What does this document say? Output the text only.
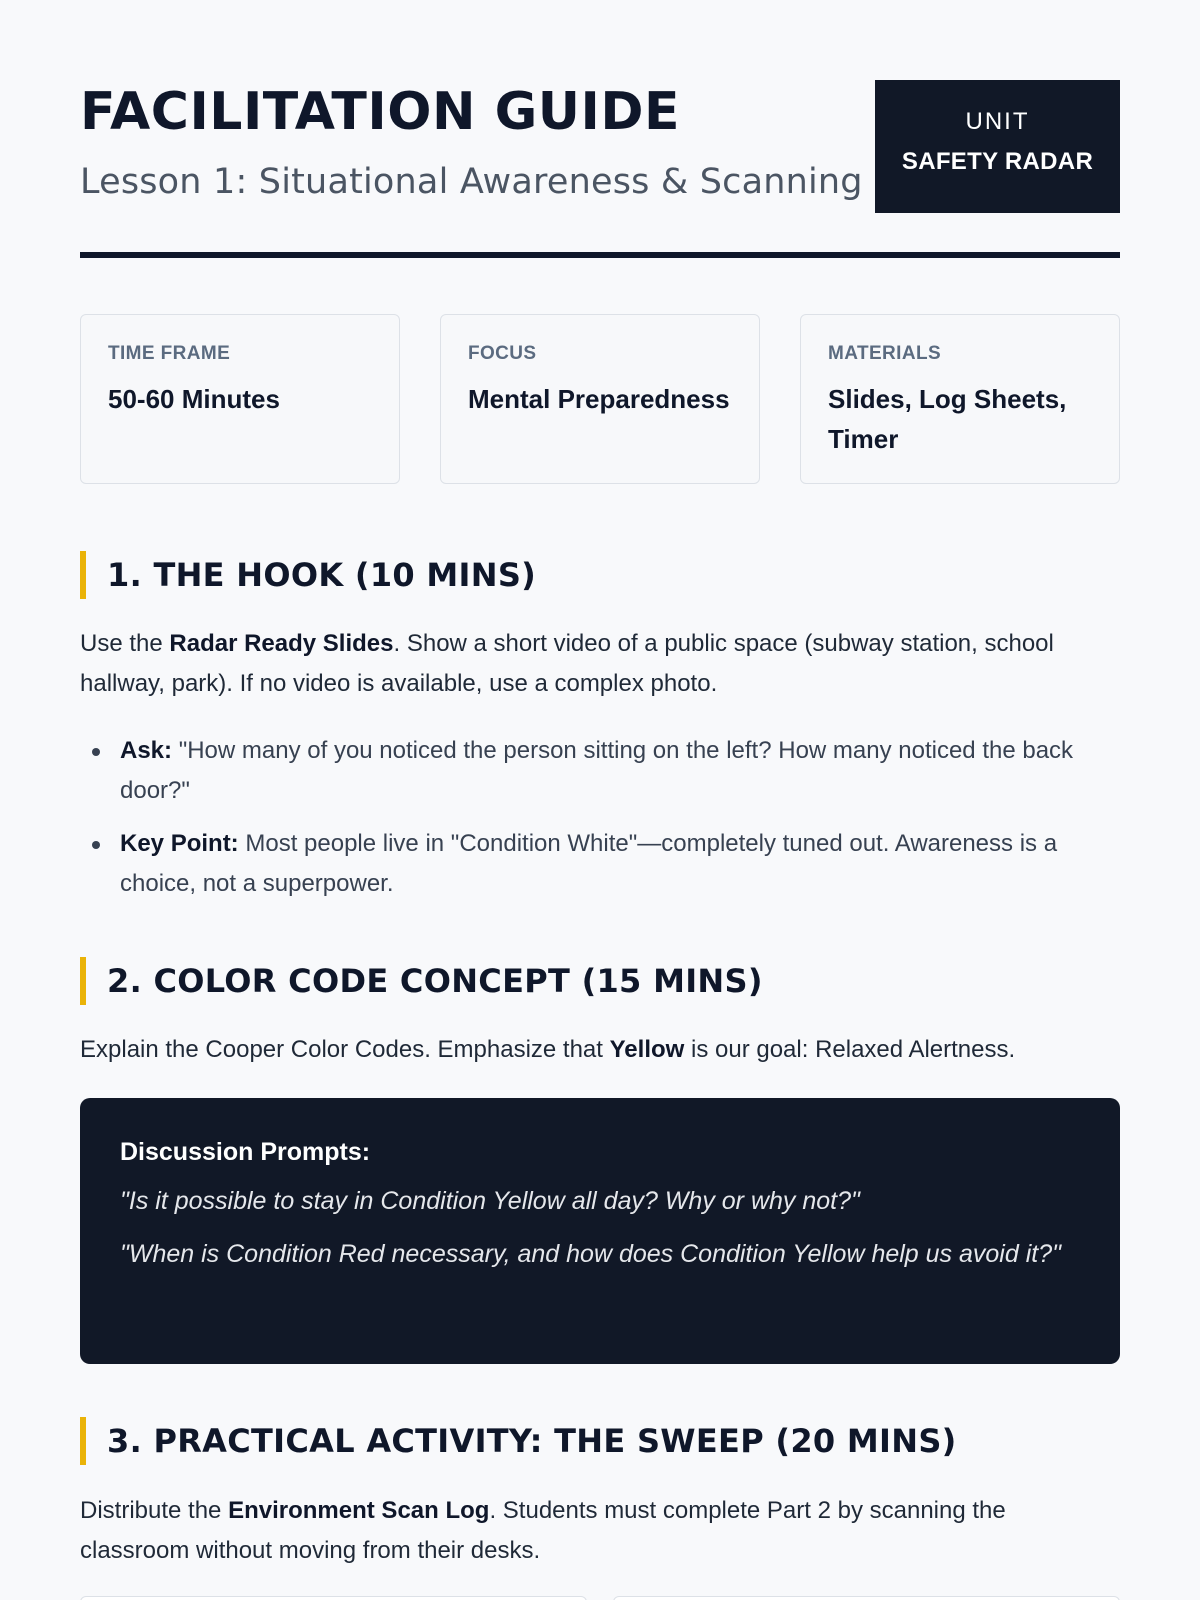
FACILITATION GUIDE
Lesson 1: Situational Awareness & Scanning
UNIT
SAFETY RADAR
TIME FRAME
50-60 Minutes
FOCUS
Mental Preparedness
MATERIALS
Slides, Log Sheets, Timer
1. THE HOOK (10 MINS)

Use the Radar Ready Slides. Show a short video of a public space (subway station, school hallway, park). If no video is available, use a complex photo.

Ask: "How many of you noticed the person sitting on the left? How many noticed the back door?"
Key Point: Most people live in "Condition White"—completely tuned out. Awareness is a choice, not a superpower.
2. COLOR CODE CONCEPT (15 MINS)

Explain the Cooper Color Codes. Emphasize that Yellow is our goal: Relaxed Alertness.

Discussion Prompts:
"Is it possible to stay in Condition Yellow all day? Why or why not?"
"When is Condition Red necessary, and how does Condition Yellow help us avoid it?"
3. PRACTICAL ACTIVITY: THE SWEEP (20 MINS)

Distribute the Environment Scan Log. Students must complete Part 2 by scanning the classroom without moving from their desks.
